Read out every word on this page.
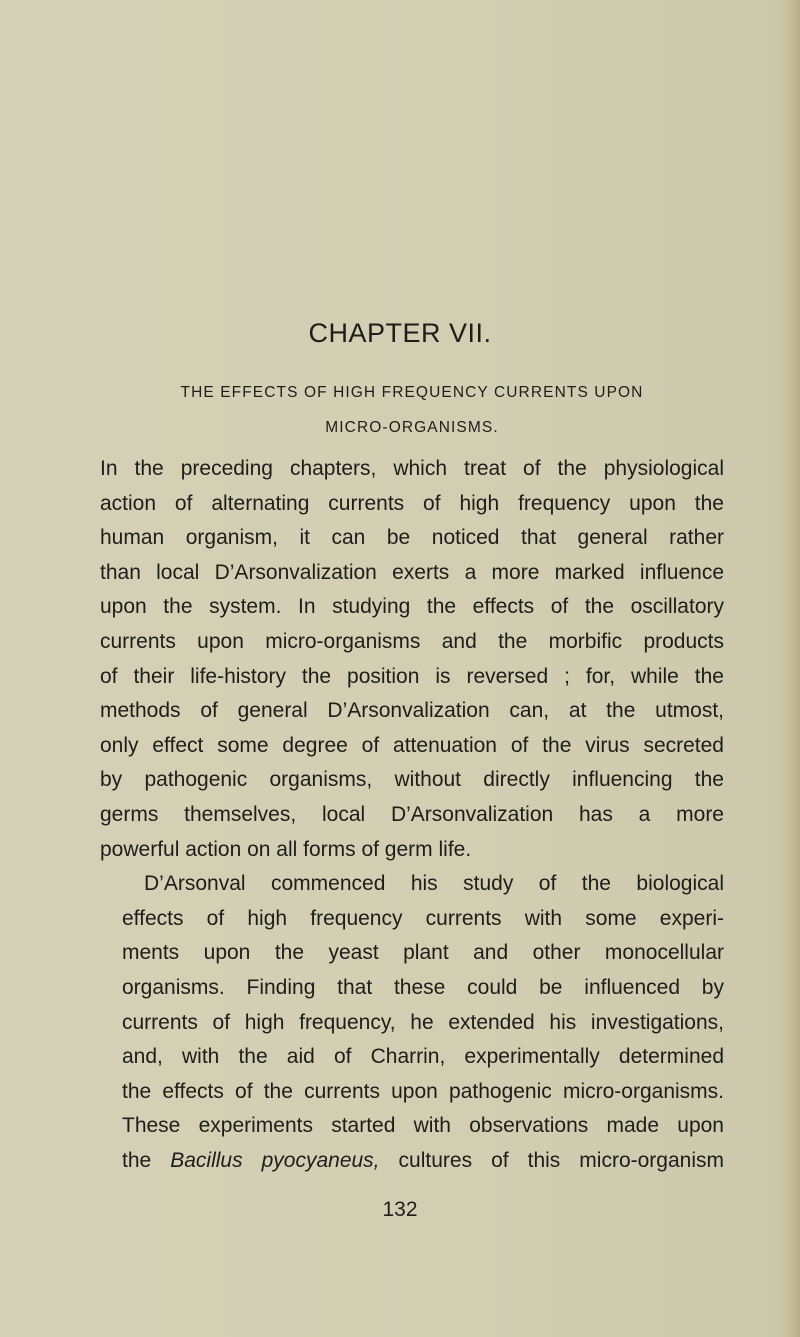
CHAPTER VII.
THE EFFECTS OF HIGH FREQUENCY CURRENTS UPON
MICRO-ORGANISMS.

In the preceding chapters, which treat of the physiological
action of alternating currents of high frequency upon the
human organism, it can be noticed that general rather
than local D’Arsonvalization exerts a more marked influence
upon the system. In studying the effects of the oscillatory
currents upon micro-organisms and the morbific products
of their life-history the position is reversed ; for, while the
methods of general D’Arsonvalization can, at the utmost,
only effect some degree of attenuation of the virus secreted
by pathogenic organisms, without directly influencing the
germs themselves, local D’Arsonvalization has a more
powerful action on all forms of germ life.

D’Arsonval commenced his study of the biological
effects of high frequency currents with some experi-
ments upon the yeast plant and other monocellular
organisms. Finding that these could be influenced by
currents of high frequency, he extended his investigations,
and, with the aid of Charrin, experimentally determined
the effects of the currents upon pathogenic micro-organisms.
These experiments started with observations made upon
the Bacillus pyocyaneus, cultures of this micro-organism

132
